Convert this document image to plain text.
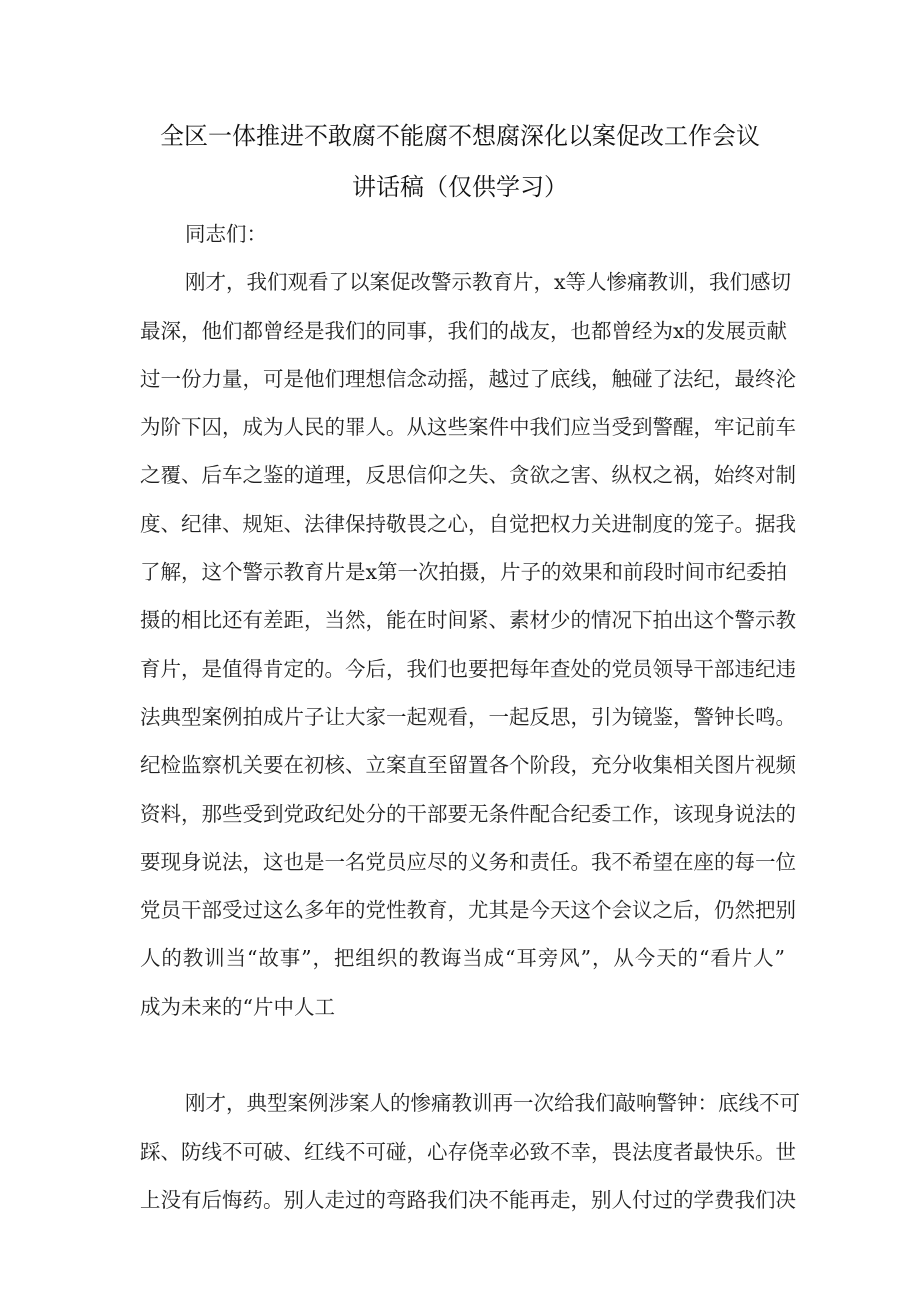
全区一体推进不敢腐不能腐不想腐深化以案促改工作会议
讲话稿（仅供学习）
同志们：
刚才，我们观看了以案促改警示教育片，x等人惨痛教训，我们感切
最深，他们都曾经是我们的同事，我们的战友，也都曾经为x的发展贡献
过一份力量，可是他们理想信念动摇，越过了底线，触碰了法纪，最终沦
为阶下囚，成为人民的罪人。从这些案件中我们应当受到警醒，牢记前车
之覆、后车之鉴的道理，反思信仰之失、贪欲之害、纵权之祸，始终对制
度、纪律、规矩、法律保持敬畏之心，自觉把权力关进制度的笼子。据我
了解，这个警示教育片是x第一次拍摄，片子的效果和前段时间市纪委拍
摄的相比还有差距，当然，能在时间紧、素材少的情况下拍出这个警示教
育片，是值得肯定的。今后，我们也要把每年查处的党员领导干部违纪违
法典型案例拍成片子让大家一起观看，一起反思，引为镜鉴，警钟长鸣。
纪检监察机关要在初核、立案直至留置各个阶段，充分收集相关图片视频
资料，那些受到党政纪处分的干部要无条件配合纪委工作，该现身说法的
要现身说法，这也是一名党员应尽的义务和责任。我不希望在座的每一位
党员干部受过这么多年的党性教育，尤其是今天这个会议之后，仍然把别
人的教训当“故事”，把组织的教诲当成“耳旁风”，从今天的“看片人”
成为未来的“片中人工
刚才，典型案例涉案人的惨痛教训再一次给我们敲响警钟：底线不可
踩、防线不可破、红线不可碰，心存侥幸必致不幸，畏法度者最快乐。世
上没有后悔药。别人走过的弯路我们决不能再走，别人付过的学费我们决
